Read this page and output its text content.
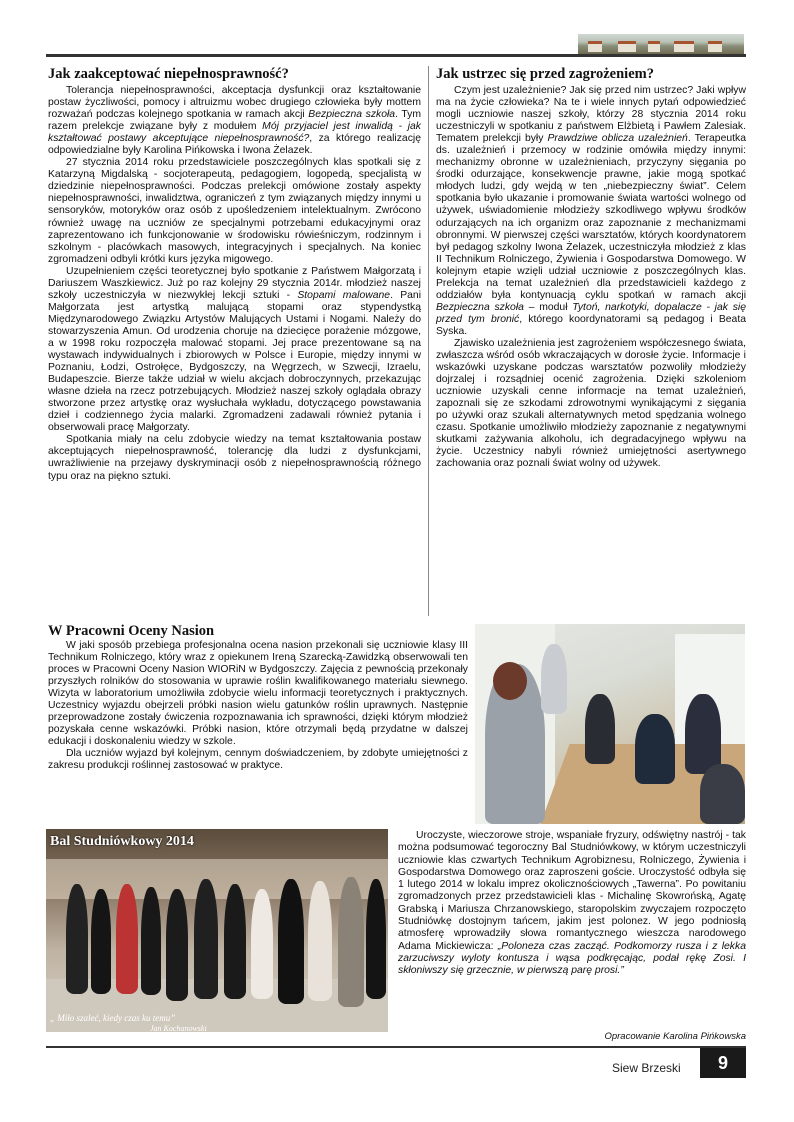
Jak zaakceptować niepełnosprawność?

Tolerancja niepełnosprawności, akceptacja dysfunkcji oraz kształtowanie postaw życzliwości, pomocy i altruizmu wobec drugiego człowieka były mottem rozważań podczas kolejnego spotkania w ramach akcji Bezpieczna szkoła. Tym razem prelekcje związane były z modułem Mój przyjaciel jest inwalidą - jak kształtować postawy akceptujące niepełnosprawność?, za którego realizację odpowiedzialne były Karolina Pińkowska i Iwona Żelazek.

27 stycznia 2014 roku przedstawiciele poszczególnych klas spotkali się z Katarzyną Migdalską - socjoterapeutą, pedagogiem, logopedą, specjalistą w dziedzinie niepełnosprawności. Podczas prelekcji omówione zostały aspekty niepełnosprawności, inwalidztwa, ograniczeń z tym związanych między innymi u sensoryków, motoryków oraz osób z upośledzeniem intelektualnym. Zwrócono również uwagę na uczniów ze specjalnymi potrzebami edukacyjnymi oraz zaprezentowano ich funkcjonowanie w środowisku rówieśniczym, rodzinnym i szkolnym - placówkach masowych, integracyjnych i specjalnych. Na koniec zgromadzeni odbyli krótki kurs języka migowego.

Uzupełnieniem części teoretycznej było spotkanie z Państwem Małgorzatą i Dariuszem Waszkiewicz. Już po raz kolejny 29 stycznia 2014r. młodzież naszej szkoły uczestniczyła w niezwykłej lekcji sztuki - Stopami malowane. Pani Małgorzata jest artystką malującą stopami oraz stypendystką Międzynarodowego Związku Artystów Malujących Ustami i Nogami. Należy do stowarzyszenia Amun. Od urodzenia choruje na dziecięce porażenie mózgowe, a w 1998 roku rozpoczęła malować stopami. Jej prace prezentowane są na wystawach indywidualnych i zbiorowych w Polsce i Europie, między innymi w Poznaniu, Łodzi, Ostrołęce, Bydgoszczy, na Węgrzech, w Szwecji, Izraelu, Budapeszcie. Bierze także udział w wielu akcjach dobroczynnych, przekazując własne dzieła na rzecz potrzebujących. Młodzież naszej szkoły oglądała obrazy stworzone przez artystkę oraz wysłuchała wykładu, dotyczącego powstawania dzieł i codziennego życia malarki. Zgromadzeni zadawali również pytania i obserwowali pracę Małgorzaty.

Spotkania miały na celu zdobycie wiedzy na temat kształtowania postaw akceptujących niepełnosprawność, tolerancję dla ludzi z dysfunkcjami, uwrażliwienie na przejawy dyskryminacji osób z niepełnosprawnością różnego typu oraz na piękno sztuki.

Jak ustrzec się przed zagrożeniem?

Czym jest uzależnienie? Jak się przed nim ustrzec? Jaki wpływ ma na życie człowieka? Na te i wiele innych pytań odpowiedzieć mogli uczniowie naszej szkoły, którzy 28 stycznia 2014 roku uczestniczyli w spotkaniu z państwem Elżbietą i Pawłem Zalesiak. Tematem prelekcji były Prawdziwe oblicza uzależnień. Terapeutka ds. uzależnień i przemocy w rodzinie omówiła między innymi: mechanizmy obronne w uzależnieniach, przyczyny sięgania po środki odurzające, konsekwencje prawne, jakie mogą spotkać młodych ludzi, gdy wejdą w ten „niebezpieczny świat”. Celem spotkania było ukazanie i promowanie świata wartości wolnego od używek, uświadomienie młodzieży szkodliwego wpływu środków odurzających na ich organizm oraz zapoznanie z mechanizmami obronnymi. W pierwszej części warsztatów, których koordynatorem był pedagog szkolny Iwona Żelazek, uczestniczyła młodzież z klas II Technikum Rolniczego, Żywienia i Gospodarstwa Domowego. W kolejnym etapie wzięli udział uczniowie z poszczególnych klas. Prelekcja na temat uzależnień dla przedstawicieli każdego z oddziałów była kontynuacją cyklu spotkań w ramach akcji Bezpieczna szkoła – moduł Tytoń, narkotyki, dopalacze - jak się przed tym bronić, którego koordynatorami są pedagog i Beata Syska.

Zjawisko uzależnienia jest zagrożeniem współczesnego świata, zwłaszcza wśród osób wkraczających w dorosłe życie. Informacje i wskazówki uzyskane podczas warsztatów pozwoliły młodzieży dojrzalej i rozsądniej ocenić zagrożenia. Dzięki szkoleniom uczniowie uzyskali cenne informacje na temat uzależnień, zapoznali się ze szkodami zdrowotnymi wynikającymi z sięgania po używki oraz szukali alternatywnych metod spędzania wolnego czasu. Spotkanie umożliwiło młodzieży zapoznanie z negatywnymi skutkami zażywania alkoholu, ich degradacyjnego wpływu na życie. Uczestnicy nabyli również umiejętności asertywnego zachowania oraz poznali świat wolny od używek.

W Pracowni Oceny Nasion

W jaki sposób przebiega profesjonalna ocena nasion przekonali się uczniowie klasy III Technikum Rolniczego, który wraz z opiekunem Ireną Szarecką-Zawidzką obserwowali ten proces w Pracowni Oceny Nasion WIORiN w Bydgoszczy. Zajęcia z pewnością przekonały przyszłych rolników do stosowania w uprawie roślin kwalifikowanego materiału siewnego. Wizyta w laboratorium umożliwiła zdobycie wielu informacji teoretycznych i praktycznych. Uczestnicy wyjazdu obejrzeli próbki nasion wielu gatunków roślin uprawnych. Następnie przeprowadzone zostały ćwiczenia rozpoznawania ich sprawności, dzięki którym młodzież pozyskała cenne wskazówki. Próbki nasion, które otrzymali będą przydatne w dalszej edukacji i doskonaleniu wiedzy w szkole.

Dla uczniów wyjazd był kolejnym, cennym doświadczeniem, by zdobyte umiejętności z zakresu produkcji roślinnej zastosować w praktyce.

Bal Studniówkowy 2014
„ Miło szaleć, kiedy czas ku temu”
Jan Kochanowski

Uroczyste, wieczorowe stroje, wspaniałe fryzury, odświętny nastrój - tak można podsumować tegoroczny Bal Studniówkowy, w którym uczestniczyli uczniowie klas czwartych Technikum Agrobiznesu, Rolniczego, Żywienia i Gospodarstwa Domowego oraz zaproszeni goście. Uroczystość odbyła się 1 lutego 2014 w lokalu imprez okolicznościowych „Tawerna”. Po powitaniu zgromadzonych przez przedstawicieli klas - Michalinę Skowrońską, Agatę Grabską i Mariusza Chrzanowskiego, staropolskim zwyczajem rozpoczęto Studniówkę dostojnym tańcem, jakim jest polonez. W jego podniosłą atmosferę wprowadziły słowa romantycznego wieszcza narodowego Adama Mickiewicza: „Poloneza czas zacząć. Podkomorzy rusza i z lekka zarzuciwszy wyloty kontusza i wąsa podkręcając, podał rękę Zosi. I skłoniwszy się grzecznie, w pierwszą parę prosi.”

Opracowanie Karolina Pińkowska
Siew Brzeski	9
